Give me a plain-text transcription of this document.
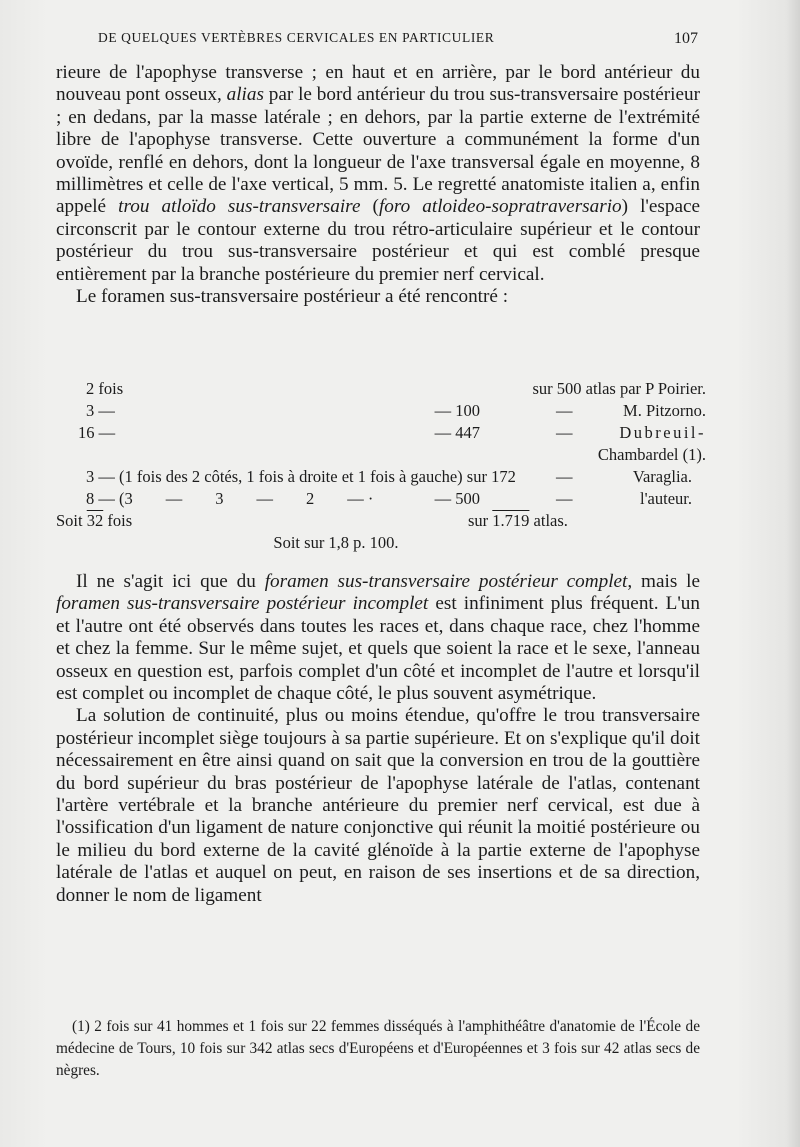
DE QUELQUES VERTÈBRES CERVICALES EN PARTICULIER	107

rieure de l'apophyse transverse ; en haut et en arrière, par le bord antérieur du nouveau pont osseux, alias par le bord antérieur du trou sus-transversaire postérieur ; en dedans, par la masse latérale ; en dehors, par la partie externe de l'extrémité libre de l'apophyse transverse. Cette ouverture a communément la forme d'un ovoïde, renflé en dehors, dont la longueur de l'axe transversal égale en moyenne, 8 millimètres et celle de l'axe vertical, 5 mm. 5. Le regretté anatomiste italien a, enfin appelé trou atloïdo sus-transversaire (foro atloideo-sopratraversario) l'espace circonscrit par le contour externe du trou rétro-articulaire supérieur et le contour postérieur du trou sus-transversaire postérieur et qui est comblé presque entièrement par la branche postérieure du premier nerf cervical.

Le foramen sus-transversaire postérieur a été rencontré :

2 fois	sur 500 atlas par P Poirier.
3 —	— 100	—	M. Pitzorno.
16 —	— 447	—	Dubreuil-
Chambardel (1).
3 — (1 fois des 2 côtés, 1 fois à droite et 1 fois à gauche) sur 172 —	Varaglia.
8 — (3        —        3        —        2        — ·	— 500	—	l'auteur.
Soit 32 fois	sur 1.719 atlas.
Soit sur 1,8 p. 100.

Il ne s'agit ici que du foramen sus-transversaire postérieur complet, mais le foramen sus-transversaire postérieur incomplet est infiniment plus fréquent. L'un et l'autre ont été observés dans toutes les races et, dans chaque race, chez l'homme et chez la femme. Sur le même sujet, et quels que soient la race et le sexe, l'anneau osseux en question est, parfois complet d'un côté et incomplet de l'autre et lorsqu'il est complet ou incomplet de chaque côté, le plus souvent asymétrique.

La solution de continuité, plus ou moins étendue, qu'offre le trou transversaire postérieur incomplet siège toujours à sa partie supérieure. Et on s'explique qu'il doit nécessairement en être ainsi quand on sait que la conversion en trou de la gouttière du bord supérieur du bras postérieur de l'apophyse latérale de l'atlas, contenant l'artère vertébrale et la branche antérieure du premier nerf cervical, est due à l'ossification d'un ligament de nature conjonctive qui réunit la moitié postérieure ou le milieu du bord externe de la cavité glénoïde à la partie externe de l'apophyse latérale de l'atlas et auquel on peut, en raison de ses insertions et de sa direction, donner le nom de ligament

(1) 2 fois sur 41 hommes et 1 fois sur 22 femmes disséqués à l'amphithéâtre d'anatomie de l'École de médecine de Tours, 10 fois sur 342 atlas secs d'Européens et d'Européennes et 3 fois sur 42 atlas secs de nègres.
